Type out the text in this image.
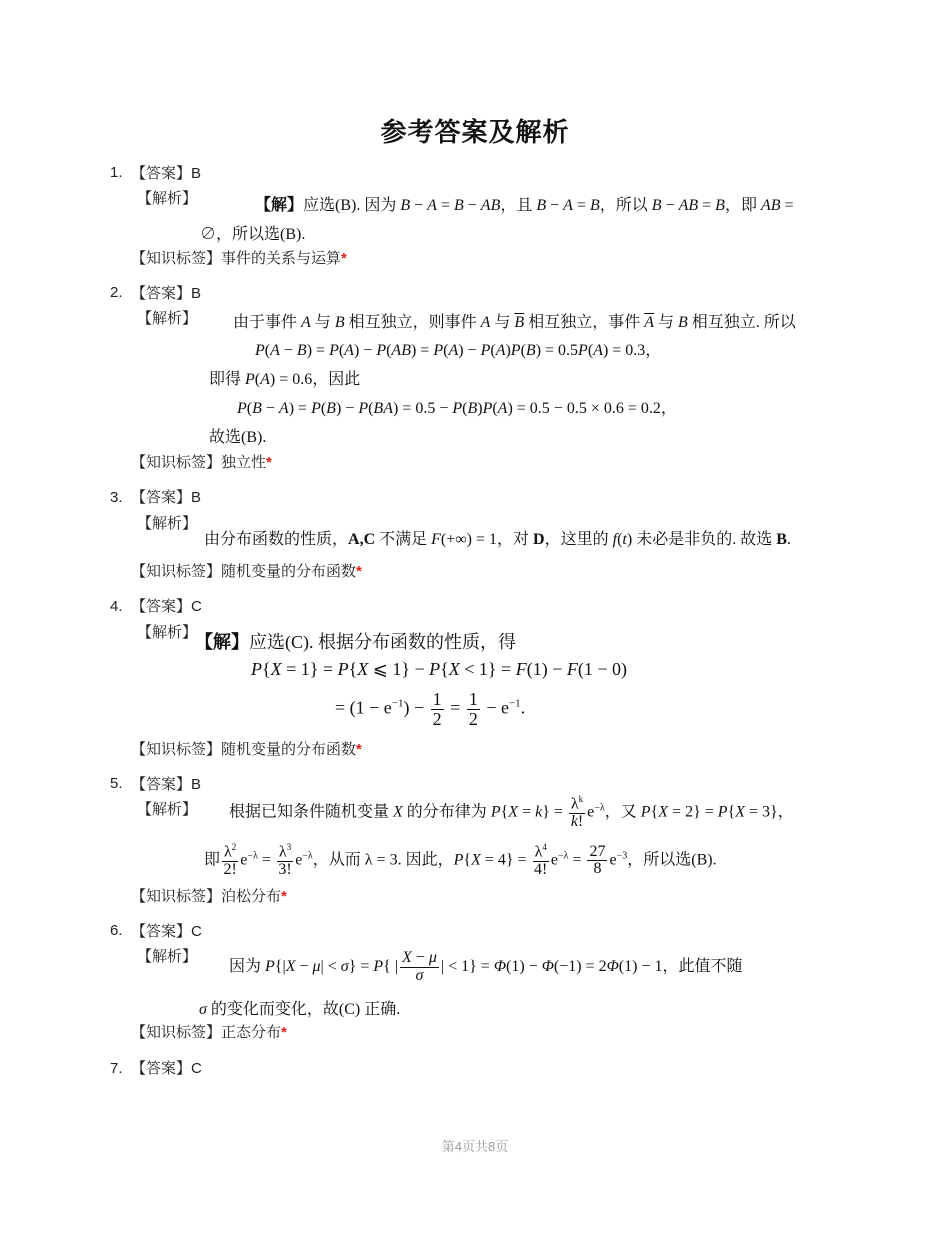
参考答案及解析
1. 【答案】B
【解析】	【解】应选(B). 因为 B − A = B − AB，且 B − A = B，所以 B − AB = B，即 AB =
∅，所以选(B).
【知识标签】事件的关系与运算*
2. 【答案】B
【解析】 由于事件 A 与 B 相互独立，则事件 A 与 $\overline{B}$ 相互独立，事件 $\overline{A}$ 与 B 相互独立. 所以
P(A − B) = P(A) − P(AB) = P(A) − P(A)P(B) = 0.5P(A) = 0.3，
即得 P(A) = 0.6，因此
P(B − A) = P(B) − P(BA) = 0.5 − P(B)P(A) = 0.5 − 0.5 × 0.6 = 0.2，
故选(B).
【知识标签】独立性*
3. 【答案】B
【解析】
由分布函数的性质，A,C 不满足 F(+∞) = 1，对 D，这里的 f(t) 未必是非负的. 故选 B.
【知识标签】随机变量的分布函数*
4. 【答案】C
【解析】
【解】应选(C). 根据分布函数的性质，得
P{X = 1} = P{X ⩽ 1} − P{X < 1} = F(1) − F(1 − 0)
= $(1 - e^{-1}) - \frac{1}{2} = \frac{1}{2} - e^{-1}$.
【知识标签】随机变量的分布函数*
5. 【答案】B
【解析】 根据已知条件随机变量 X 的分布律为 $P\{X = k\} = \frac{\lambda^k}{k!} e^{-\lambda}$，又 P{X = 2} = P{X = 3}，
即 $\frac{\lambda^2}{2!} e^{-\lambda} = \frac{\lambda^3}{3!} e^{-\lambda}$，从而 λ = 3. 因此，$P\{X = 4\} = \frac{\lambda^4}{4!} e^{-\lambda} = \frac{27}{8} e^{-3}$，所以选(B).
【知识标签】泊松分布*
6. 【答案】C
【解析】
因为 P{|X − μ| < σ} = P{ | $\frac{X - \mu}{\sigma}$ | < 1} = Φ(1) − Φ(−1) = 2Φ(1) − 1，此值不随
σ 的变化而变化，故(C) 正确.
【知识标签】正态分布*
7. 【答案】C
第4页共8页
